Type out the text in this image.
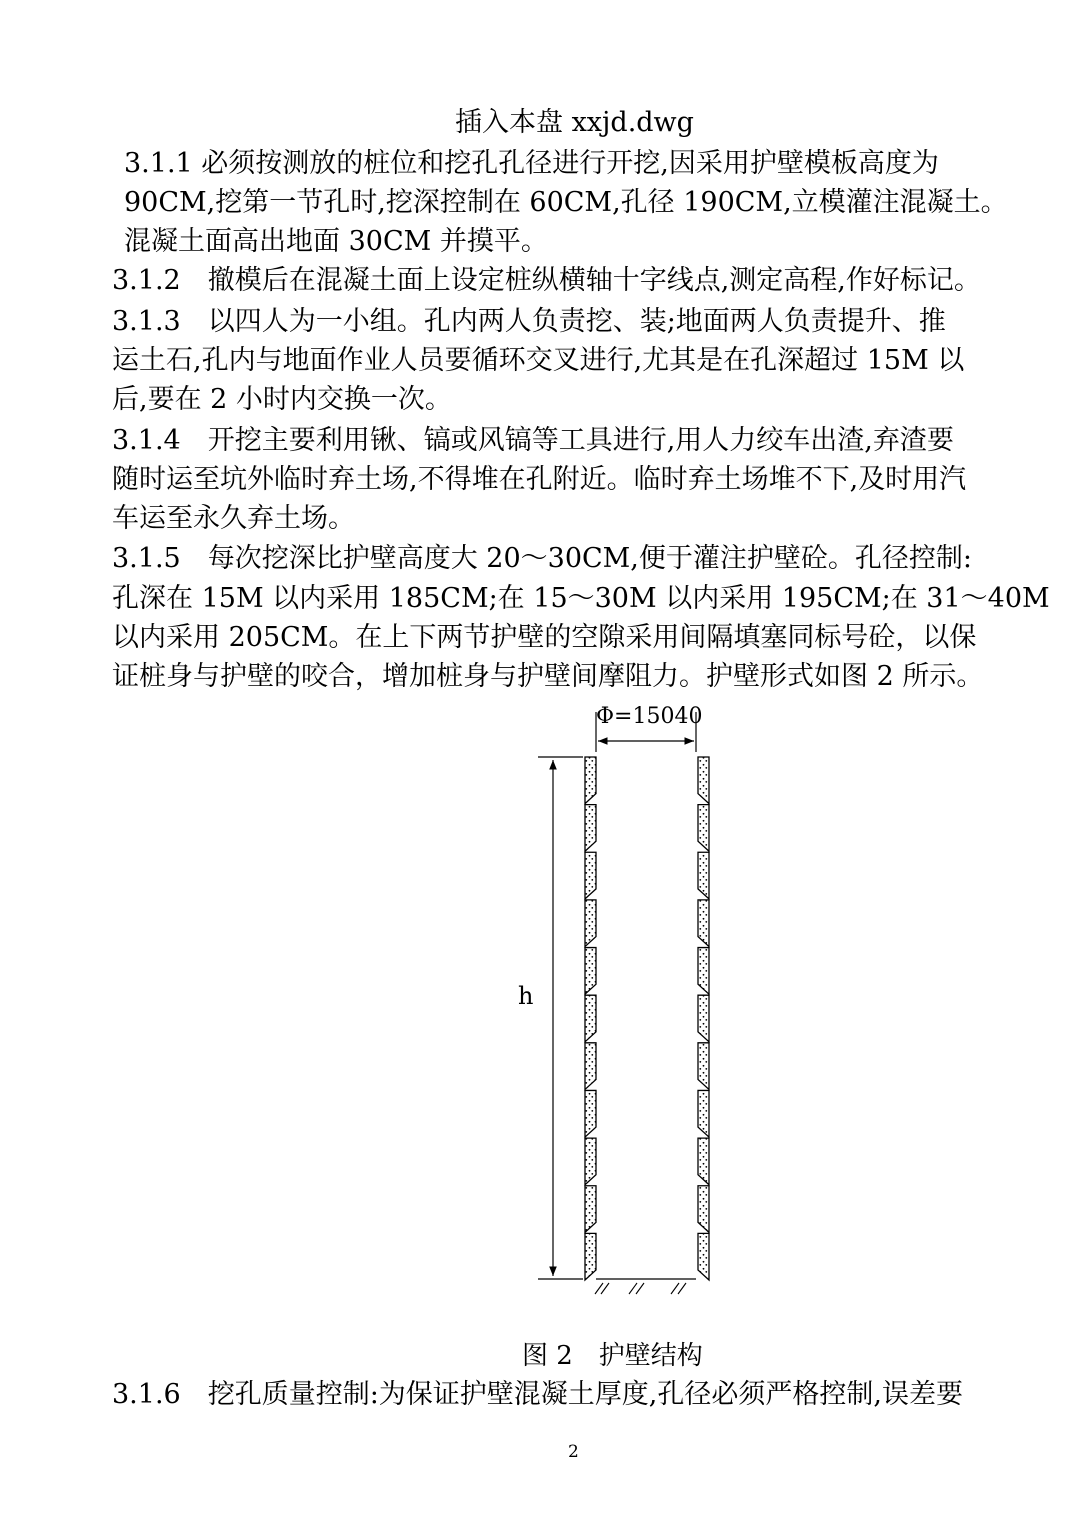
插入本盘 xxjd.dwg
3.1.1 必须按测放的桩位和挖孔孔径进行开挖,因采用护壁模板高度为
90CM,挖第一节孔时,挖深控制在 60CM,孔径 190CM,立模灌注混凝土。
混凝土面高出地面 30CM 并摸平。
3.1.2　撤模后在混凝土面上设定桩纵横轴十字线点,测定高程,作好标记。
3.1.3　以四人为一小组。孔内两人负责挖、装;地面两人负责提升、推
运土石,孔内与地面作业人员要循环交叉进行,尤其是在孔深超过 15M 以
后,要在 2 小时内交换一次。
3.1.4　开挖主要利用锹、镐或风镐等工具进行,用人力绞车出渣,弃渣要
随时运至坑外临时弃土场,不得堆在孔附近。临时弃土场堆不下,及时用汽
车运至永久弃土场。
3.1.5　每次挖深比护壁高度大 20～30CM,便于灌注护壁砼。孔径控制:
孔深在 15M 以内采用 185CM;在 15～30M 以内采用 195CM;在 31～40M
以内采用 205CM。在上下两节护壁的空隙采用间隔填塞同标号砼，以保
证桩身与护壁的咬合，增加桩身与护壁间摩阻力。护壁形式如图 2 所示。
Φ=15040
h
图 2　护壁结构
3.1.6　挖孔质量控制:为保证护壁混凝土厚度,孔径必须严格控制,误差要
2
